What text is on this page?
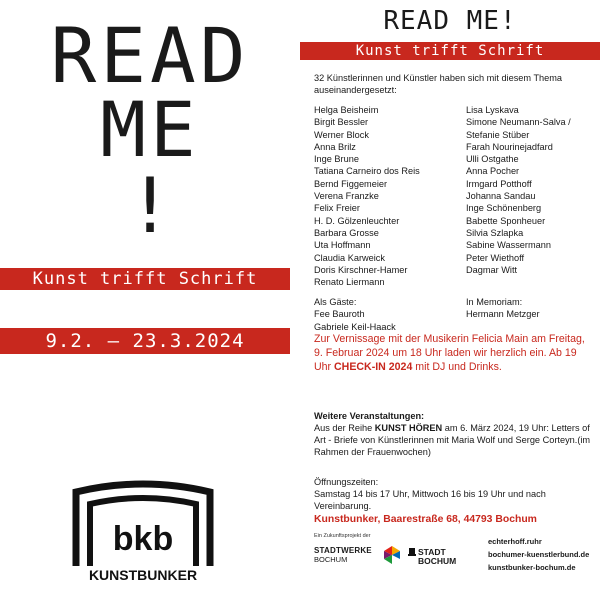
READ
ME
!
Kunst trifft Schrift
9.2. – 23.3.2024
bkb
KUNSTBUNKER
READ ME!
Kunst trifft Schrift
32 Künstlerinnen und Künstler haben sich mit diesem Thema auseinandergesetzt:
Helga Beisheim
Birgit Bessler
Werner Block
Anna Brilz
Inge Brune
Tatiana Carneiro dos Reis
Bernd Figgemeier
Verena Franzke
Felix Freier
H. D. Gölzenleuchter
Barbara Grosse
Uta Hoffmann
Claudia Karweick
Doris Kirschner-Hamer
Renato Liermann
Lisa Lyskava
Simone Neumann-Salva /
Stefanie Stüber
Farah Nourinejadfard
Ulli Ostgathe
Anna Pocher
Irmgard Potthoff
Johanna Sandau
Inge Schönenberg
Babette Sponheuer
Silvia Szlapka
Sabine Wassermann
Peter Wiethoff
Dagmar Witt
Als Gäste:
Fee Bauroth
Gabriele Keil-Haack
In Memoriam:
Hermann Metzger
Zur Vernissage mit der Musikerin Felicia Main am Freitag, 9. Februar 2024 um 18 Uhr laden wir herzlich ein. Ab 19 Uhr CHECK-IN 2024 mit DJ und Drinks.
Weitere Veranstaltungen:
Aus der Reihe KUNST HÖREN am 6. März 2024, 19 Uhr: Letters of Art - Briefe von Künstlerinnen mit Maria Wolf und Serge Corteyn.(im Rahmen der Frauenwochen)
Öffnungszeiten:
Samstag 14 bis 17 Uhr, Mittwoch 16 bis 19 Uhr und nach Vereinbarung.
Kunstbunker, Baarestraße 68, 44793 Bochum
Ein Zukunftsprojekt der
STADTWERKE
BOCHUM
STADT
BOCHUM
echterhoff.ruhr
bochumer-kuenstlerbund.de
kunstbunker-bochum.de
